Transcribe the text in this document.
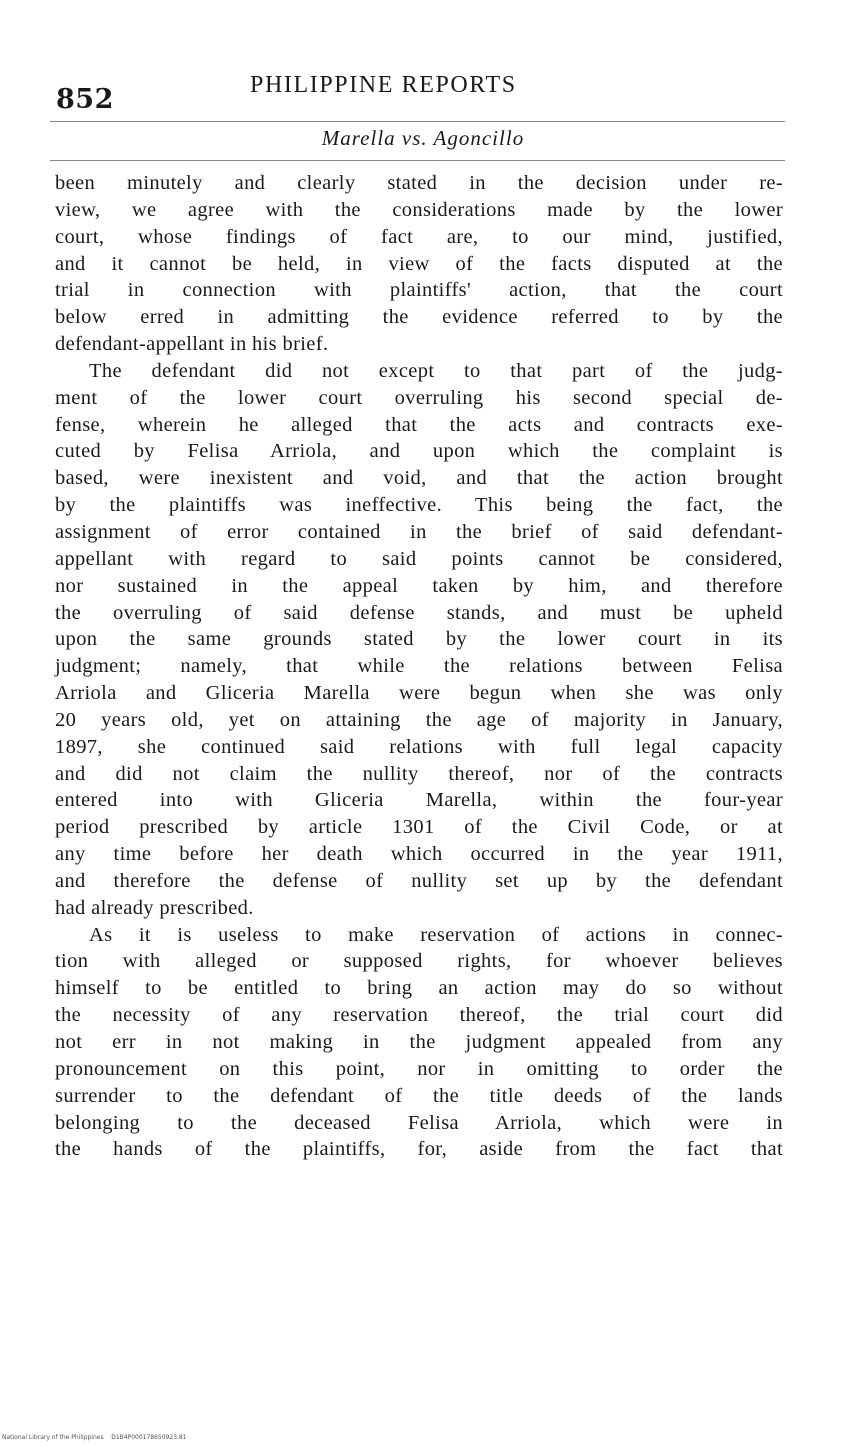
852	PHILIPPINE REPORTS
Marella vs. Agoncillo
been minutely and clearly stated in the decision under re-
view, we agree with the considerations made by the lower
court, whose findings of fact are, to our mind, justified,
and it cannot be held, in view of the facts disputed at the
trial in connection with plaintiffs' action, that the court
below erred in admitting the evidence referred to by the
defendant-appellant in his brief.
The defendant did not except to that part of the judg-
ment of the lower court overruling his second special de-
fense, wherein he alleged that the acts and contracts exe-
cuted by Felisa Arriola, and upon which the complaint is
based, were inexistent and void, and that the action brought
by the plaintiffs was ineffective. This being the fact, the
assignment of error contained in the brief of said defendant-
appellant with regard to said points cannot be considered,
nor sustained in the appeal taken by him, and therefore
the overruling of said defense stands, and must be upheld
upon the same grounds stated by the lower court in its
judgment; namely, that while the relations between Felisa
Arriola and Gliceria Marella were begun when she was only
20 years old, yet on attaining the age of majority in January,
1897, she continued said relations with full legal capacity
and did not claim the nullity thereof, nor of the contracts
entered into with Gliceria Marella, within the four-year
period prescribed by article 1301 of the Civil Code, or at
any time before her death which occurred in the year 1911,
and therefore the defense of nullity set up by the defendant
had already prescribed.
As it is useless to make reservation of actions in connec-
tion with alleged or supposed rights, for whoever believes
himself to be entitled to bring an action may do so without
the necessity of any reservation thereof, the trial court did
not err in not making in the judgment appealed from any
pronouncement on this point, nor in omitting to order the
surrender to the defendant of the title deeds of the lands
belonging to the deceased Felisa Arriola, which were in
the hands of the plaintiffs, for, aside from the fact that
National Library of the Philippines D1B4P000178650923.81
